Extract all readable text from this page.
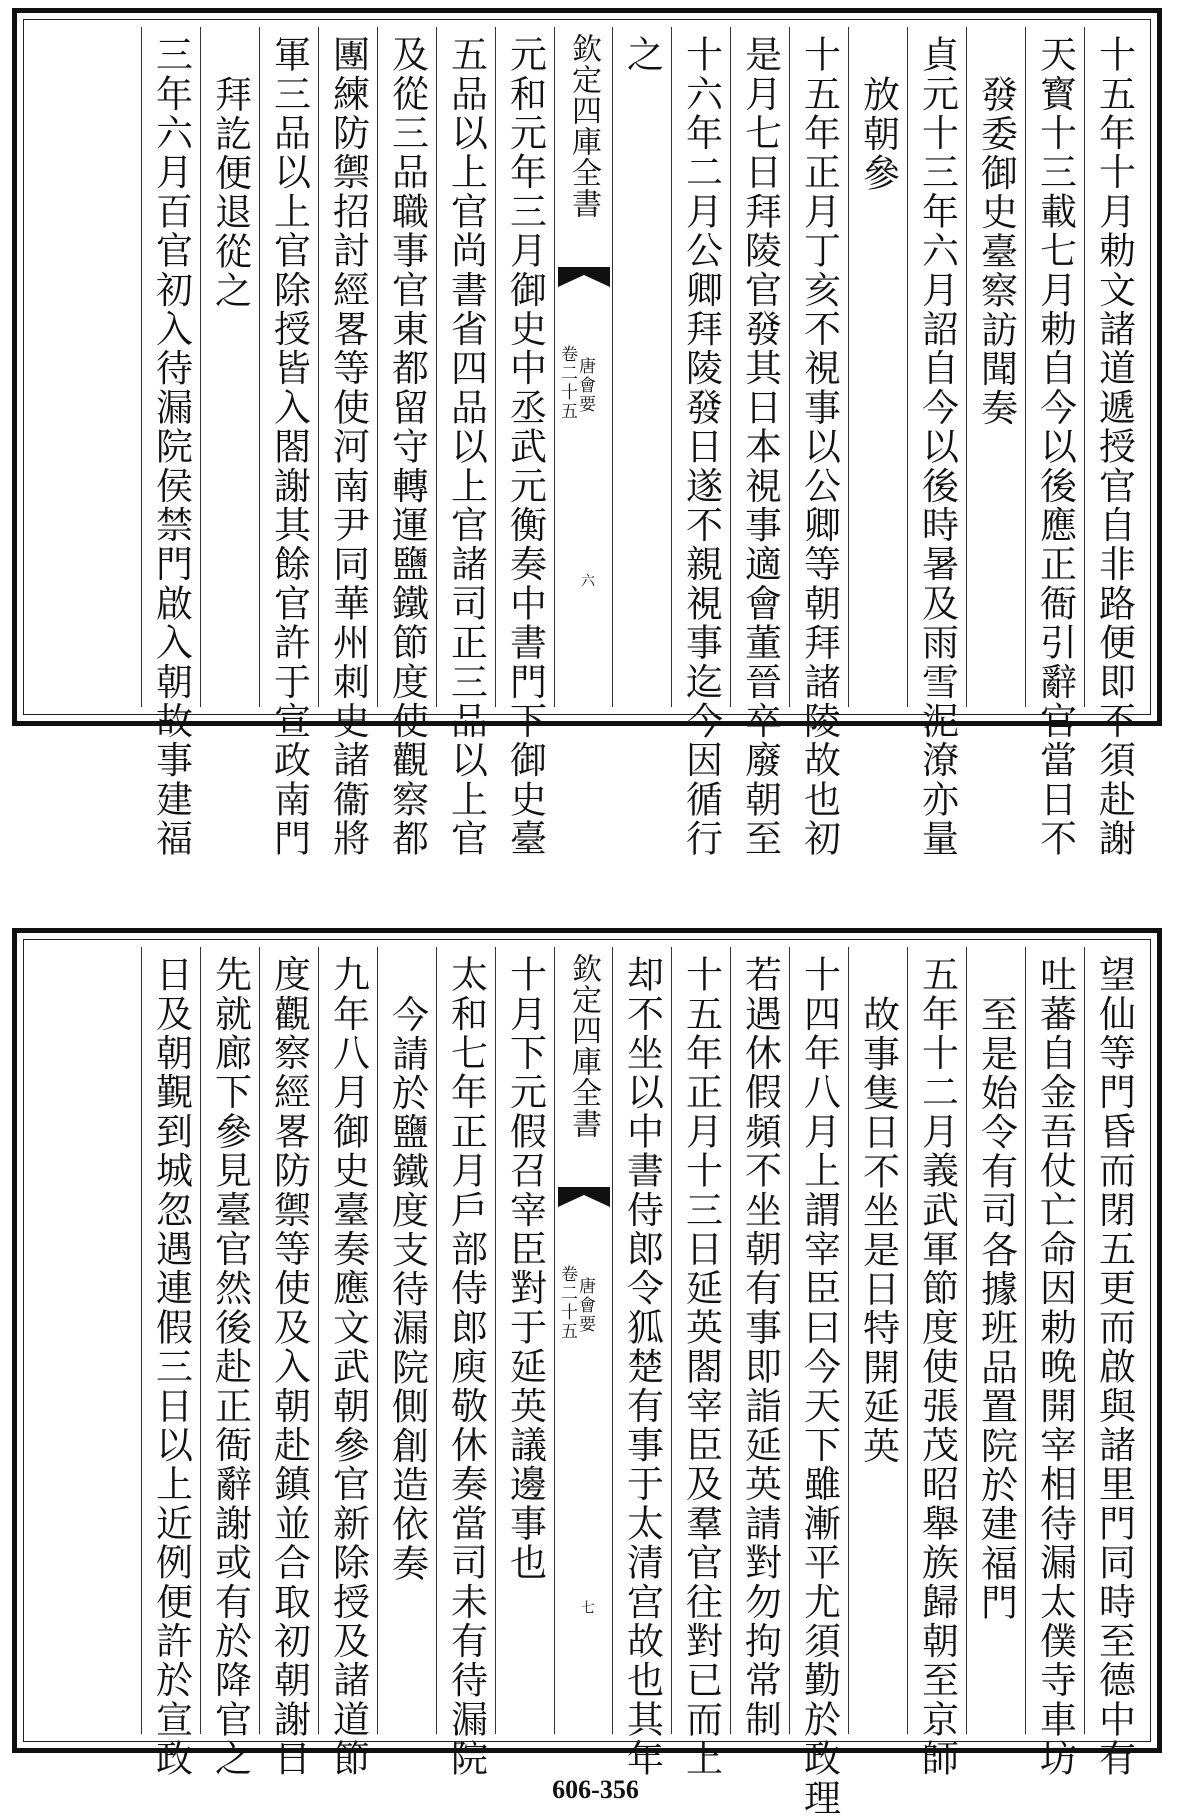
十五年十月勅文諸道遞授官自非路便即不須赴謝
天寳十三載七月勅自今以後應正衙引辭官當日不
發委御史臺察訪聞奏
貞元十三年六月詔自今以後時暑及雨雪泥潦亦量
放朝參
十五年正月丁亥不視事以公卿等朝拜諸陵故也初
是月七日拜陵官發其日本視事適會董晉卒廢朝至
十六年二月公卿拜陵發日遂不親視事迄今因循行
之
欽定四庫全書
唐會要
卷二十五
六
元和元年三月御史中丞武元衡奏中書門下御史臺
五品以上官尚書省四品以上官諸司正三品以上官
及從三品職事官東都留守轉運鹽鐵節度使觀察都
團練防禦招討經畧等使河南尹同華州刺史諸衞將
軍三品以上官除授皆入閤謝其餘官許于宣政南門
拜訖便退從之
三年六月百官初入待漏院侯禁門啟入朝故事建福
望仙等門昏而閉五更而啟與諸里門同時至德中有
吐蕃自金吾仗亡命因勅晚開宰相待漏太僕寺車坊
至是始令有司各據班品置院於建福門
五年十二月義武軍節度使張茂昭舉族歸朝至京師
故事隻日不坐是日特開延英
十四年八月上謂宰臣曰今天下雖漸平尤須勤於政理
若遇休假頻不坐朝有事即詣延英請對勿拘常制
十五年正月十三日延英閤宰臣及羣官往對已而上
却不坐以中書侍郎令狐楚有事于太清宫故也其年
欽定四庫全書
唐會要
卷二十五
七
十月下元假召宰臣對于延英議邊事也
太和七年正月戶部侍郎庾敬休奏當司未有待漏院
今請於鹽鐵度支待漏院側創造依奏
九年八月御史臺奏應文武朝參官新除授及諸道節
度觀察經畧防禦等使及入朝赴鎮並合取初朝謝日
先就廊下參見臺官然後赴正衙辭謝或有於降官之
日及朝覲到城忽遇連假三日以上近例便許於宣政
606-356
